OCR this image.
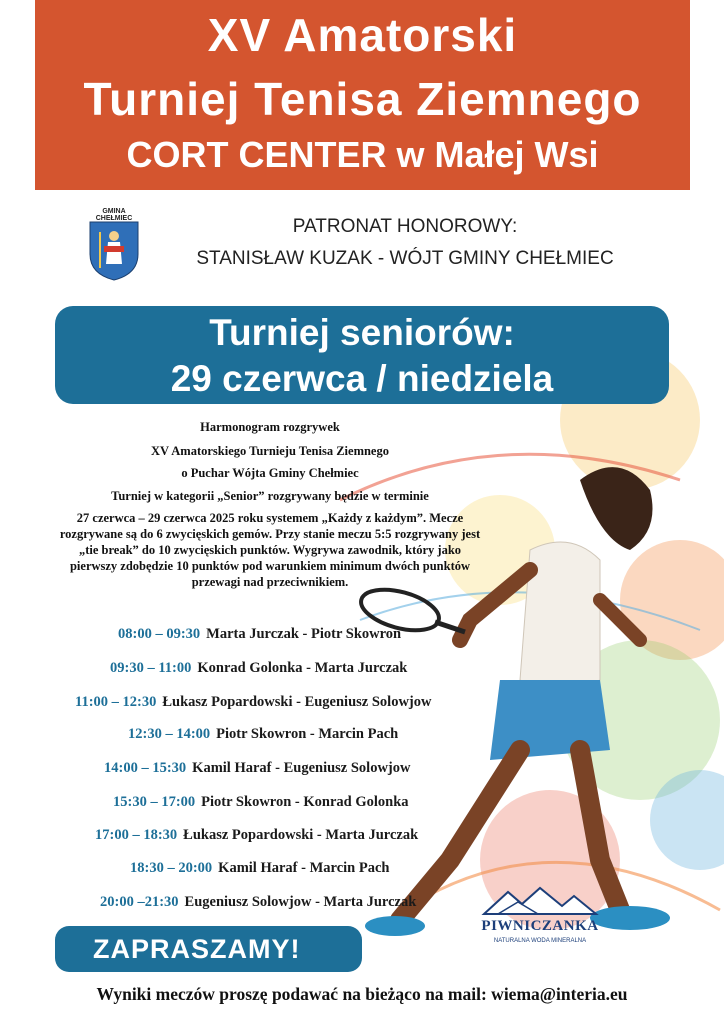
XV Amatorski
Turniej Tenisa Ziemnego
CORT CENTER w Małej Wsi
GMINA CHEŁMIEC	PATRONAT HONOROWY:
STANISŁAW KUZAK - WÓJT GMINY CHEŁMIEC
Turniej seniorów:
29 czerwca / niedziela
Harmonogram rozgrywek
XV Amatorskiego Turnieju Tenisa Ziemnego
o Puchar Wójta Gminy Chełmiec
Turniej w kategorii „Senior” rozgrywany będzie w terminie
27 czerwca – 29 czerwca 2025 roku systemem „Każdy z każdym”. Mecze rozgrywane są do 6 zwycięskich gemów. Przy stanie meczu 5:5 rozgrywany jest „tie break” do 10 zwycięskich punktów. Wygrywa zawodnik, który jako pierwszy zdobędzie 10 punktów pod warunkiem minimum dwóch punktów przewagi nad przeciwnikiem.
08:00 – 09:30 Marta Jurczak - Piotr Skowron
09:30 – 11:00 Konrad Golonka - Marta Jurczak
11:00 – 12:30 Łukasz Popardowski - Eugeniusz Solowjow
12:30 – 14:00 Piotr Skowron - Marcin Pach
14:00 – 15:30 Kamil Haraf - Eugeniusz Solowjow
15:30 – 17:00 Piotr Skowron - Konrad Golonka
17:00 – 18:30 Łukasz Popardowski - Marta Jurczak
18:30 – 20:00 Kamil Haraf - Marcin Pach
20:00 –21:30 Eugeniusz Solowjow - Marta Jurczak
PIWNICZANKA
NATURALNA WODA MINERALNA
ZAPRASZAMY!
Wyniki meczów proszę podawać na bieżąco na mail: wiema@interia.eu
